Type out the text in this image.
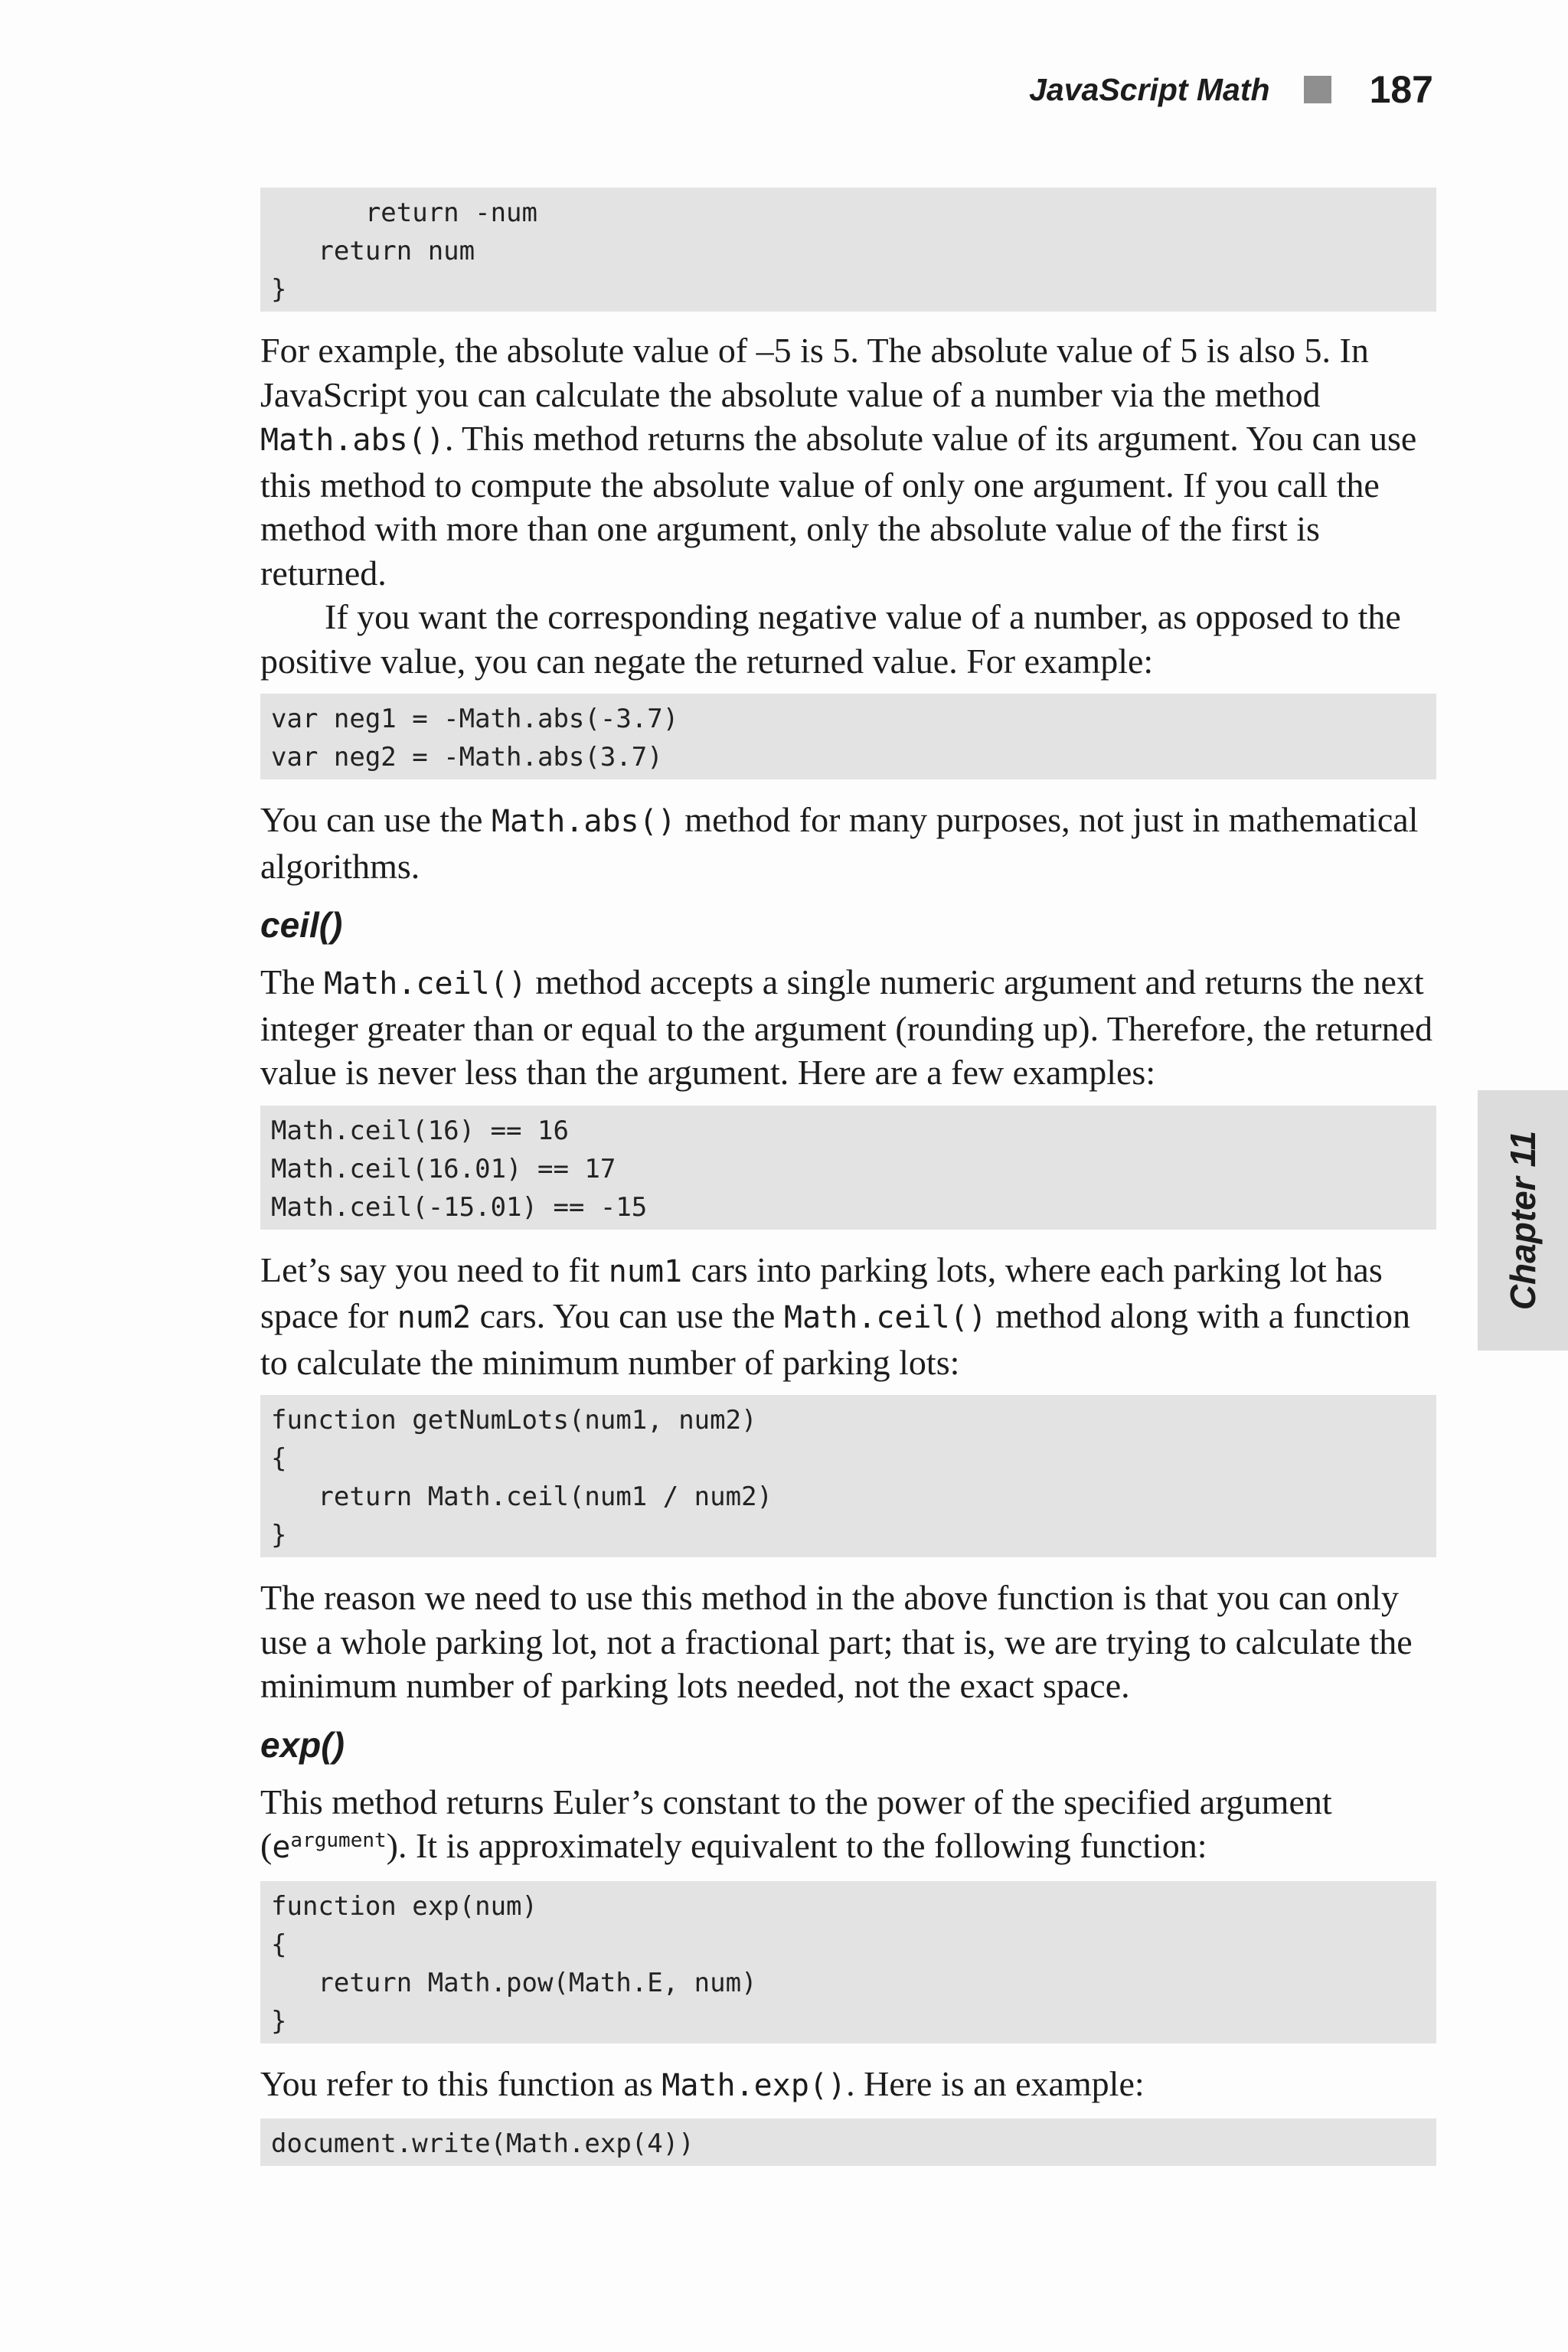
JavaScript Math	187
Chapter 11
return -num
return num
}

For example, the absolute value of –5 is 5. The absolute value of 5 is also 5. In JavaScript you can calculate the absolute value of a number via the method Math.abs(). This method returns the absolute value of its argument. You can use this method to compute the absolute value of only one argument. If you call the method with more than one argument, only the absolute value of the first is returned.

If you want the corresponding negative value of a number, as opposed to the positive value, you can negate the returned value. For example:

var neg1 = -Math.abs(-3.7)
var neg2 = -Math.abs(3.7)

You can use the Math.abs() method for many purposes, not just in mathematical algorithms.

ceil()

The Math.ceil() method accepts a single numeric argument and returns the next integer greater than or equal to the argument (rounding up). Therefore, the returned value is never less than the argument. Here are a few examples:

Math.ceil(16) == 16
Math.ceil(16.01) == 17
Math.ceil(-15.01) == -15

Let’s say you need to fit num1 cars into parking lots, where each parking lot has space for num2 cars. You can use the Math.ceil() method along with a function to calculate the minimum number of parking lots:

function getNumLots(num1, num2)
{
return Math.ceil(num1 / num2)
}

The reason we need to use this method in the above function is that you can only use a whole parking lot, not a fractional part; that is, we are trying to calculate the minimum number of parking lots needed, not the exact space.

exp()

This method returns Euler’s constant to the power of the specified argument $(e^{argument})$. It is approximately equivalent to the following function:

function exp(num)
{
return Math.pow(Math.E, num)
}

You refer to this function as Math.exp(). Here is an example:

document.write(Math.exp(4))
